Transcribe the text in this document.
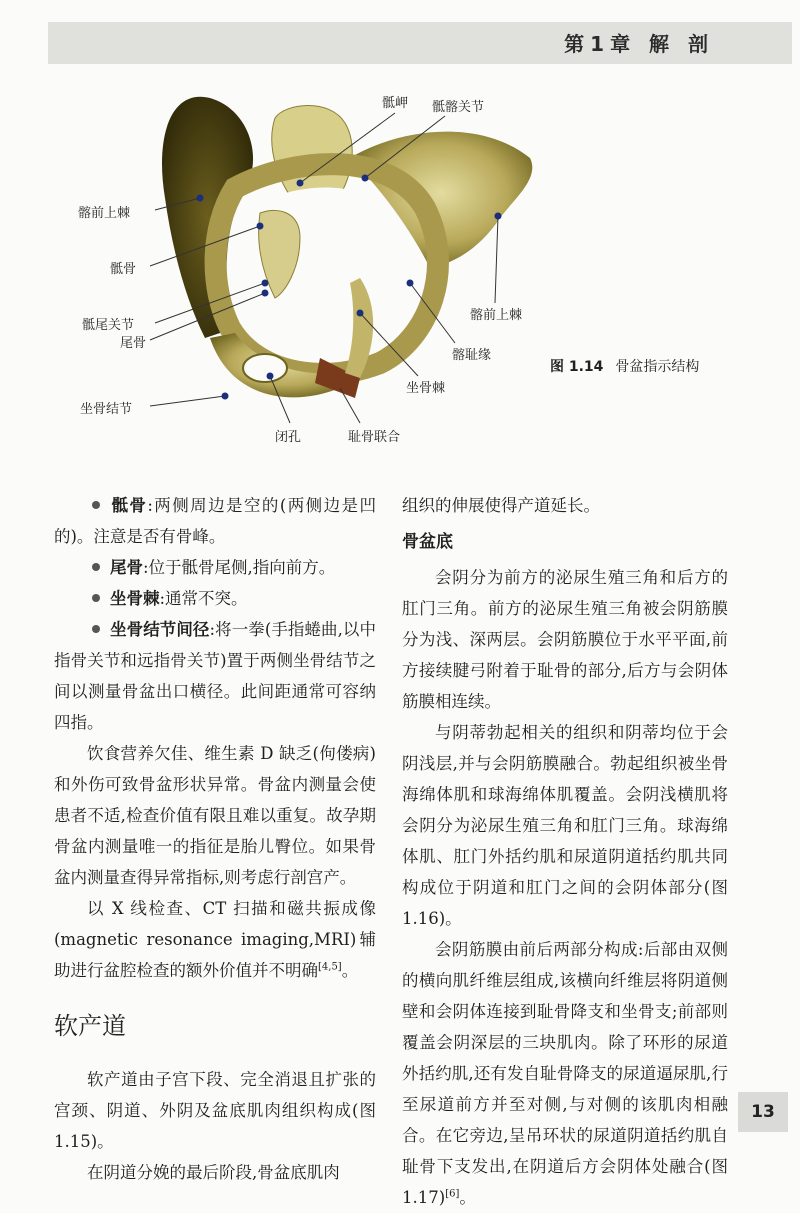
第1章 解 剖
骶岬 骶髂关节
髂前上棘
骶骨
骶尾关节
尾骨
髂前上棘
髂耻缘
坐骨棘
坐骨结节
闭孔	耻骨联合
图 1.14 骨盆指示结构

骶骨:两侧周边是空的(两侧边是凹的)。注意是否有骨峰。

尾骨:位于骶骨尾侧,指向前方。

坐骨棘:通常不突。

坐骨结节间径:将一拳(手指蜷曲,以中指骨关节和远指骨关节)置于两侧坐骨结节之间以测量骨盆出口横径。此间距通常可容纳四指。

饮食营养欠佳、维生素 D 缺乏(佝偻病)和外伤可致骨盆形状异常。骨盆内测量会使患者不适,检查价值有限且难以重复。故孕期骨盆内测量唯一的指征是胎儿臀位。如果骨盆内测量查得异常指标,则考虑行剖宫产。

以 X 线检查、CT 扫描和磁共振成像(magnetic resonance imaging,MRI)辅助进行盆腔检查的额外价值并不明确[4,5]。

软产道

软产道由子宫下段、完全消退且扩张的宫颈、阴道、外阴及盆底肌肉组织构成(图 1.15)。

在阴道分娩的最后阶段,骨盆底肌肉

组织的伸展使得产道延长。

骨盆底

会阴分为前方的泌尿生殖三角和后方的肛门三角。前方的泌尿生殖三角被会阴筋膜分为浅、深两层。会阴筋膜位于水平平面,前方接续腱弓附着于耻骨的部分,后方与会阴体筋膜相连续。

与阴蒂勃起相关的组织和阴蒂均位于会阴浅层,并与会阴筋膜融合。勃起组织被坐骨海绵体肌和球海绵体肌覆盖。会阴浅横肌将会阴分为泌尿生殖三角和肛门三角。球海绵体肌、肛门外括约肌和尿道阴道括约肌共同构成位于阴道和肛门之间的会阴体部分(图 1.16)。

会阴筋膜由前后两部分构成:后部由双侧的横向肌纤维层组成,该横向纤维层将阴道侧壁和会阴体连接到耻骨降支和坐骨支;前部则覆盖会阴深层的三块肌肉。除了环形的尿道外括约肌,还有发自耻骨降支的尿道逼尿肌,行至尿道前方并至对侧,与对侧的该肌肉相融合。在它旁边,呈吊环状的尿道阴道括约肌自耻骨下支发出,在阴道后方会阴体处融合(图 1.17)[6]。

13
